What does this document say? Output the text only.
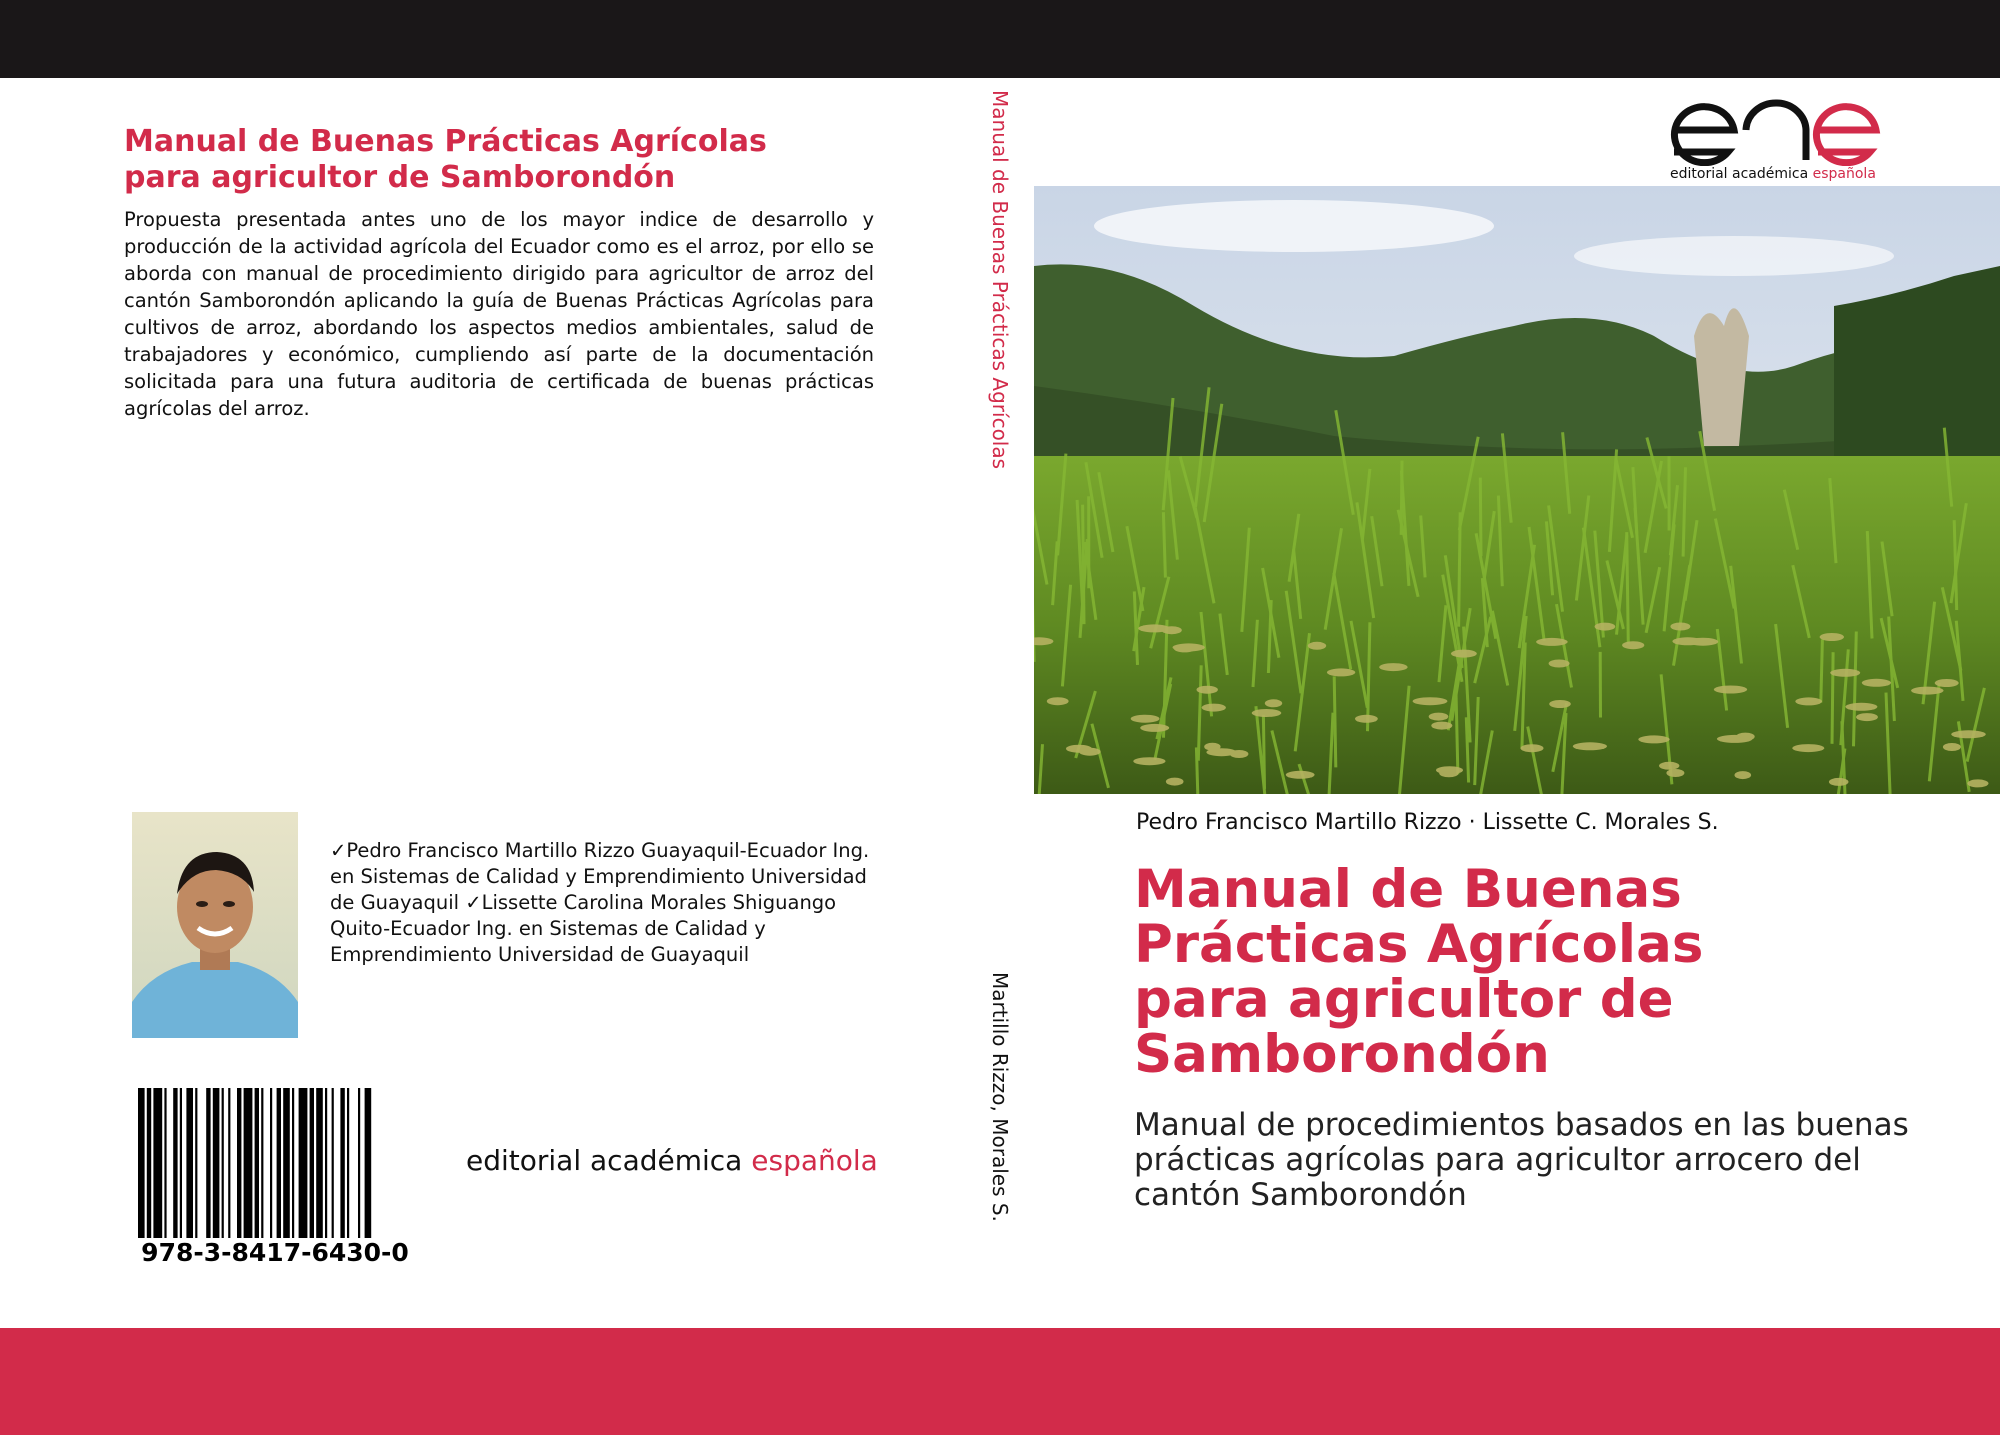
Manual de Buenas Prácticas Agrícolas
para agricultor de Samborondón

Propuesta presentada antes uno de los mayor indice de desarrollo y producción de la actividad agrícola del Ecuador como es el arroz, por ello se aborda con manual de procedimiento dirigido para agricultor de arroz del cantón Samborondón aplicando la guía de Buenas Prácticas Agrícolas para cultivos de arroz, abordando los aspectos medios ambientales, salud de trabajadores y económico, cumpliendo así parte de la documentación solicitada para una futura auditoria de certificada de buenas prácticas agrícolas del arroz.

✓Pedro Francisco Martillo Rizzo Guayaquil-Ecuador Ing. en Sistemas de Calidad y Emprendimiento Universidad de Guayaquil ✓Lissette Carolina Morales Shiguango Quito-Ecuador Ing. en Sistemas de Calidad y Emprendimiento Universidad de Guayaquil

978-3-8417-6430-0
editorial académica española
Manual de Buenas Prácticas Agrícolas
Martillo Rizzo, Morales S.
editorial académica española
Pedro Francisco Martillo Rizzo · Lissette C. Morales S.
Manual de Buenas
Prácticas Agrícolas
para agricultor de
Samborondón

Manual de procedimientos basados en las buenas prácticas agrícolas para agricultor arrocero del cantón Samborondón
